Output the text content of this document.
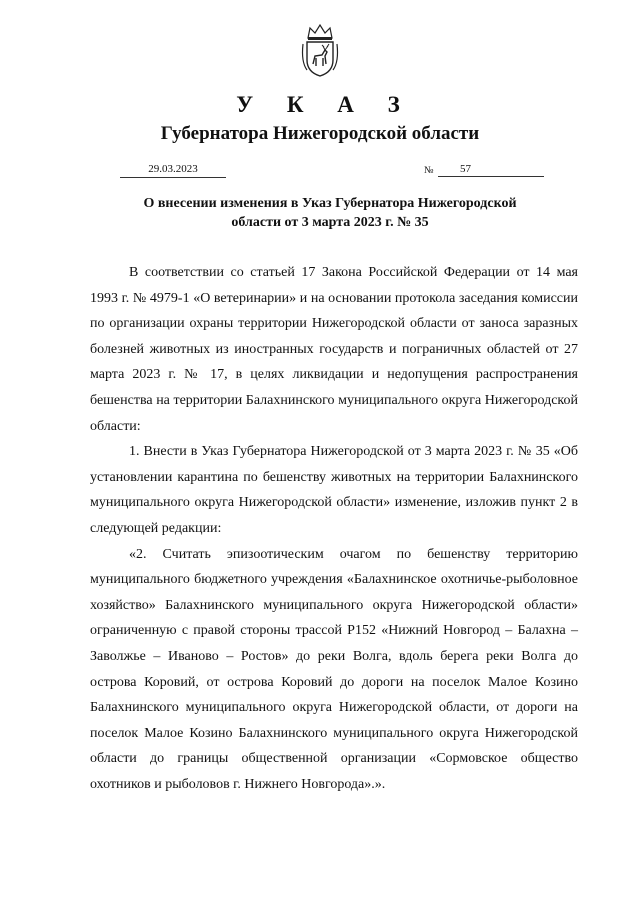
У К А З
Губернатора Нижегородской области
29.03.2023	№	57
О внесении изменения в Указ Губернатора Нижегородской области от 3 марта 2023 г. № 35

В соответствии со статьей 17 Закона Российской Федерации от 14 мая 1993 г. № 4979-1 «О ветеринарии» и на основании протокола заседания комиссии по организации охраны территории Нижегородской области от заноса заразных болезней животных из иностранных государств и пограничных областей от 27 марта 2023 г. № 17, в целях ликвидации и недопущения распространения бешенства на территории Балахнинского муниципального округа Нижегородской области:

1. Внести в Указ Губернатора Нижегородской от 3 марта 2023 г. № 35 «Об установлении карантина по бешенству животных на территории Балахнинского муниципального округа Нижегородской области» изменение, изложив пункт 2 в следующей редакции:

«2. Считать эпизоотическим очагом по бешенству территорию муниципального бюджетного учреждения «Балахнинское охотничье-рыболовное хозяйство» Балахнинского муниципального округа Нижегородской области» ограниченную с правой стороны трассой Р152 «Нижний Новгород – Балахна – Заволжье – Иваново – Ростов» до реки Волга, вдоль берега реки Волга до острова Коровий, от острова Коровий до дороги на поселок Малое Козино Балахнинского муниципального округа Нижегородской области, от дороги на поселок Малое Козино Балахнинского муниципального округа Нижегородской области до границы общественной организации «Сормовское общество охотников и рыболовов г. Нижнего Новгорода».».
